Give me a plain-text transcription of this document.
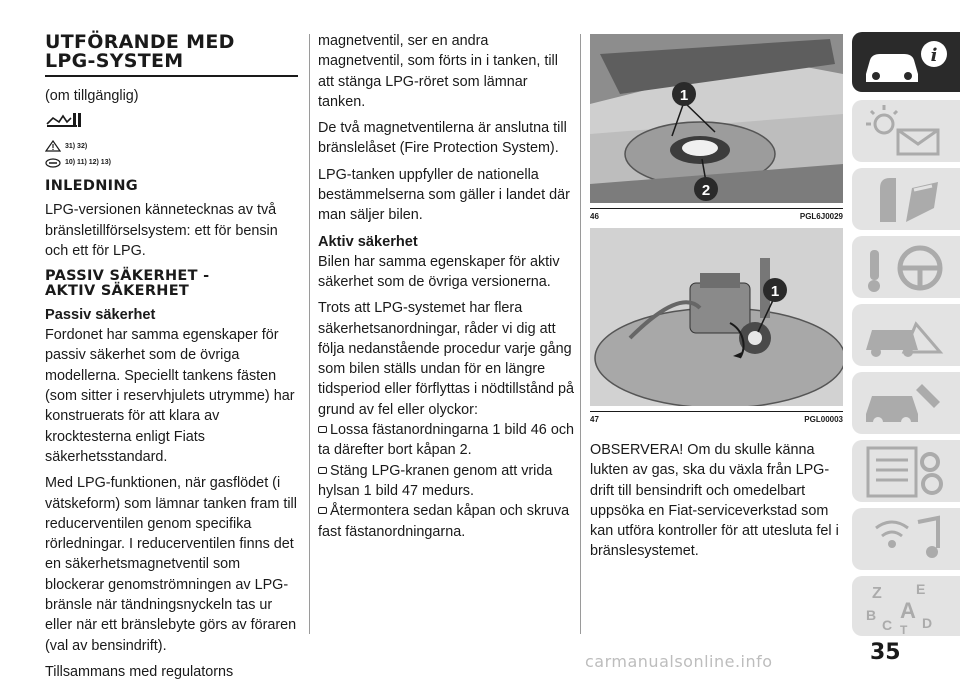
UTFÖRANDE MED
LPG-SYSTEM
(om tillgänglig)
31) 32)
10) 11) 12) 13)
INLEDNING
LPG-versionen kännetecknas av två bränsletillförselsystem: ett för bensin och ett för LPG.
PASSIV SÄKERHET -
AKTIV SÄKERHET
Passiv säkerhet
Fordonet har samma egenskaper för passiv säkerhet som de övriga modellerna. Speciellt tankens fästen (som sitter i reservhjulets utrymme) har konstruerats för att klara av krocktesterna enligt Fiats säkerhetsstandard.
Med LPG-funktionen, när gasflödet (i vätskeform) som lämnar tanken fram till reducerventilen genom specifika rörledningar. I reducerventilen finns det en säkerhetsmagnetventil som blockerar genomströmningen av LPG-bränsle när tändningsnyckeln tas ur eller när ett bränslebyte görs av föraren (val av bensindrift).
Tillsammans med regulatorns
magnetventil, ser en andra magnetventil, som förts in i tanken, till att stänga LPG-röret som lämnar tanken.
De två magnetventilerna är anslutna till bränslelåset (Fire Protection System).
LPG-tanken uppfyller de nationella bestämmelserna som gäller i landet där man säljer bilen.
Aktiv säkerhet
Bilen har samma egenskaper för aktiv säkerhet som de övriga versionerna.
Trots att LPG-systemet har flera säkerhetsanordningar, råder vi dig att följa nedanstående procedur varje gång som bilen ställs undan för en längre tidsperiod eller förflyttas i nödtillstånd på grund av fel eller olyckor:
Lossa fästanordningarna 1 bild 46 och ta därefter bort kåpan 2.
Stäng LPG-kranen genom att vrida hylsan 1 bild 47 medurs.
Återmontera sedan kåpan och skruva fast fästanordningarna.
1
2
46	PGL6J0029
1
47	PGL00003
OBSERVERA! Om du skulle känna lukten av gas, ska du växla från LPG-drift till bensindrift och omedelbart uppsöka en Fiat-serviceverkstad som kan utföra kontroller för att utesluta fel i bränslesystemet.
i
Z E
B A
C T D
35
carmanualsonline.info
